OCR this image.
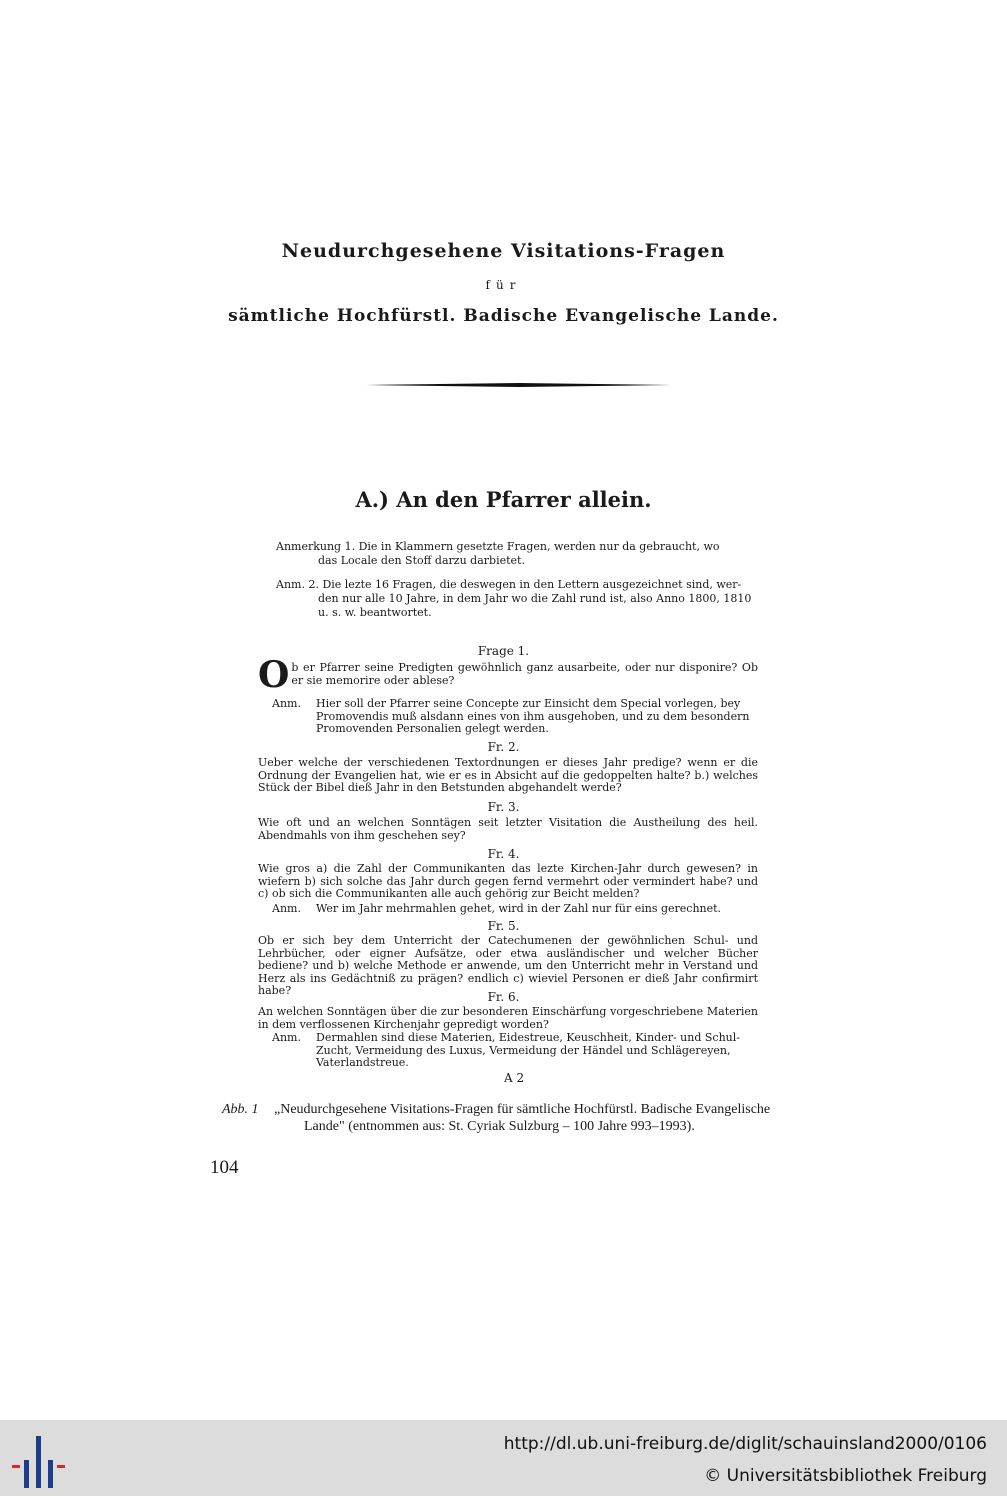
Neudurchgesehene Visitations-Fragen
für
sämtliche Hochfürstl. Badische Evangelische Lande.
A.) An den Pfarrer allein.
Anmerkung 1. Die in Klammern gesetzte Fragen, werden nur da gebraucht, wo
das Locale den Stoff darzu darbietet.
Anm. 2. Die lezte 16 Fragen, die deswegen in den Lettern ausgezeichnet sind, wer-
den nur alle 10 Jahre, in dem Jahr wo die Zahl rund ist, also Anno 1800, 1810 u. s. w. beantwortet.
Frage 1.
O b er Pfarrer seine Predigten gewöhnlich ganz ausarbeite, oder nur disponire? Ob er sie memorire oder ablese?
Anm. Hier soll der Pfarrer seine Concepte zur Einsicht dem Special vorlegen, bey
Promovendis muß alsdann eines von ihm ausgehoben, und zu dem besondern Promovenden Personalien gelegt werden.
Fr. 2.
Ueber welche der verschiedenen Textordnungen er dieses Jahr predige? wenn er die Ordnung der Evangelien hat, wie er es in Absicht auf die gedoppelten halte? b.) welches Stück der Bibel dieß Jahr in den Betstunden abgehandelt werde?
Fr. 3.
Wie oft und an welchen Sonntägen seit letzter Visitation die Austheilung des heil. Abendmahls von ihm geschehen sey?
Fr. 4.
Wie gros a) die Zahl der Communikanten das lezte Kirchen-Jahr durch gewesen? in wiefern b) sich solche das Jahr durch gegen fernd vermehrt oder vermindert habe? und c) ob sich die Communikanten alle auch gehörig zur Beicht melden?
Anm. Wer im Jahr mehrmahlen gehet, wird in der Zahl nur für eins gerechnet.
Fr. 5.
Ob er sich bey dem Unterricht der Catechumenen der gewöhnlichen Schul- und Lehrbücher, oder eigner Aufsätze, oder etwa ausländischer und welcher Bücher bediene? und b) welche Methode er anwende, um den Unterricht mehr in Verstand und Herz als ins Gedächtniß zu prägen? endlich c) wieviel Personen er dieß Jahr confirmirt habe?	Fr. 6.
An welchen Sonntägen über die zur besonderen Einschärfung vorgeschriebene Materien in dem verflossenen Kirchenjahr gepredigt worden?
Anm. Dermahlen sind diese Materien, Eidestreue, Keuschheit, Kinder- und Schul-
Zucht, Vermeidung des Luxus, Vermeidung der Händel und Schlägereyen, Vaterlandstreue.
A 2
Abb. 1 „Neudurchgesehene Visitations-Fragen für sämtliche Hochfürstl. Badische Evangelische
Lande" (entnommen aus: St. Cyriak Sulzburg – 100 Jahre 993–1993).
104
http://dl.ub.uni-freiburg.de/diglit/schauinsland2000/0106
© Universitätsbibliothek Freiburg
